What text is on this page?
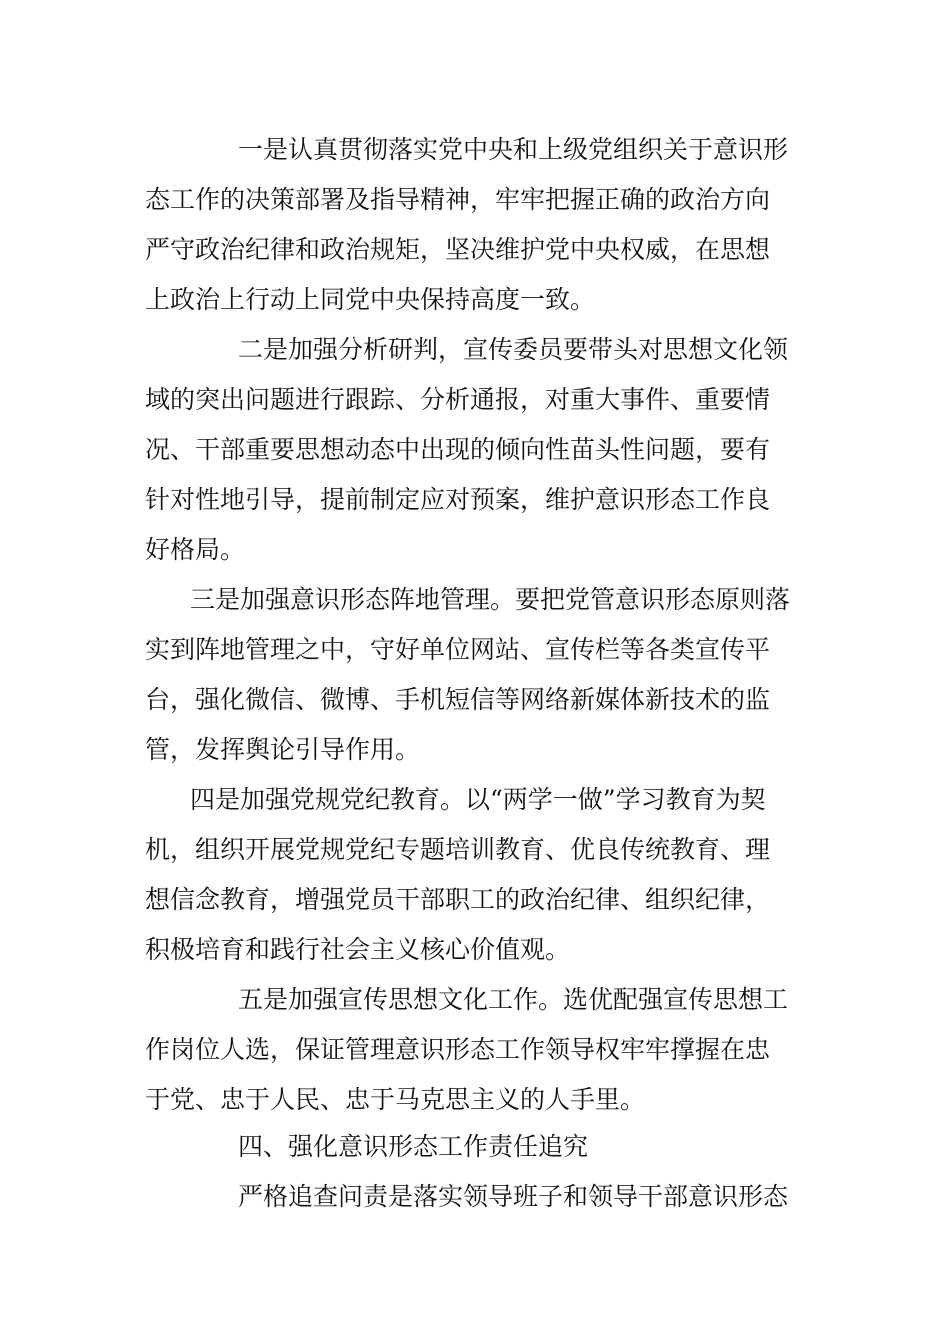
一是认真贯彻落实党中央和上级党组织关于意识形
态工作的决策部署及指导精神，牢牢把握正确的政治方向
严守政治纪律和政治规矩，坚决维护党中央权威，在思想
上政治上行动上同党中央保持高度一致。
二是加强分析研判，宣传委员要带头对思想文化领
域的突出问题进行跟踪、分析通报，对重大事件、重要情
况、干部重要思想动态中出现的倾向性苗头性问题，要有
针对性地引导，提前制定应对预案，维护意识形态工作良
好格局。
三是加强意识形态阵地管理。要把党管意识形态原则落
实到阵地管理之中，守好单位网站、宣传栏等各类宣传平
台，强化微信、微博、手机短信等网络新媒体新技术的监
管，发挥舆论引导作用。
四是加强党规党纪教育。以“两学一做”学习教育为契
机，组织开展党规党纪专题培训教育、优良传统教育、理
想信念教育，增强党员干部职工的政治纪律、组织纪律，
积极培育和践行社会主义核心价值观。
五是加强宣传思想文化工作。选优配强宣传思想工
作岗位人选，保证管理意识形态工作领导权牢牢撑握在忠
于党、忠于人民、忠于马克思主义的人手里。
四、强化意识形态工作责任追究
严格追查问责是落实领导班子和领导干部意识形态
